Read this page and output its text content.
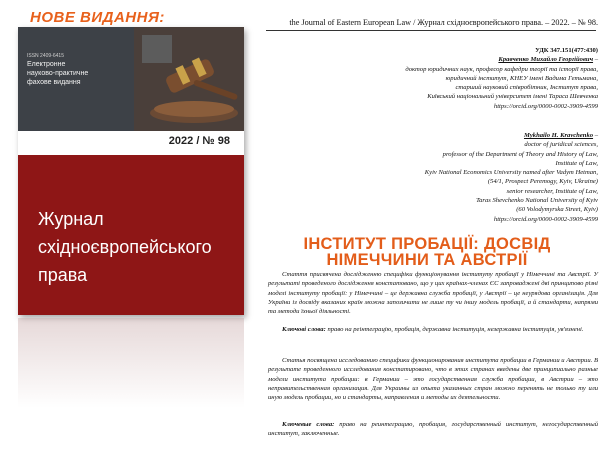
НОВЕ ВИДАННЯ:
ISSN 2409-6415
Електронне
науково-практичне
фахове видання
2022 / № 98
Журнал
східноєвропейського
права
the Journal of Eastern European Law / Журнал східноєвропейського права. – 2022. – № 98.
УДК 347.151(477:430)
Кравченко Михайло Георгійович –
доктор юридичних наук, професор кафедри теорії та історії права,
юридичний інститут, КНЕУ імені Вадима Гетьмана,
старший науковий співробітник, Інститут права,
Київський національний університет імені Тараса Шевченка
https://orcid.org/0000-0002-3909-4599
Mykhailo H. Kravchenko –
doctor of juridical sciences,
professor of the Department of Theory and History of Law,
Institute of Law,
Kyiv National Economics University named after Vadym Hetman,
(54/1, Prospect Peremogy, Kyiv, Ukraine)
senior researcher, Institute of Law,
Taras Shevchenko National University of Kyiv
(60 Volodymyrska Street, Kyiv)
https://orcid.org/0000-0002-3909-4599
ІНСТИТУТ ПРОБАЦІЇ: ДОСВІД
НІМЕЧЧИНИ ТА АВСТРІЇ
Стаття присвячена дослідженню специфіки функціонування інституту пробації у Німеччині та Австрії. У результаті проведеного дослідження констатовано, що у цих країнах-членах ЄС запроваджені дві принципово різні моделі інституту пробації: у Німеччині – це державна служба пробації, у Австрії – це неурядова організація. Для України із досвіду вказаних країн можна запозичити не лише ту чи іншу модель пробації, а й стандарти, напрями та методи їхньої діяльності.
Ключові слова: право на реінтеграцію, пробація, державна інституція, незержавна інституція, ув'язнені.
Статья посвящена исследованию специфики функционирования института пробации в Германии и Австрии. В результате проведенного исследования констатировано, что в этих странах введены две принципиально разные модели института пробации: в Германии – это государственная служба пробации, в Австрии – это неправительственная организация. Для Украины из опыта указанных стран можно перенять не только ту или иную модель пробации, но и стандарты, направления и методы их деятельности.
Ключевые слова: право на реинтеграцию, пробация, государственный институт, негосударственный институт, заключенные.
